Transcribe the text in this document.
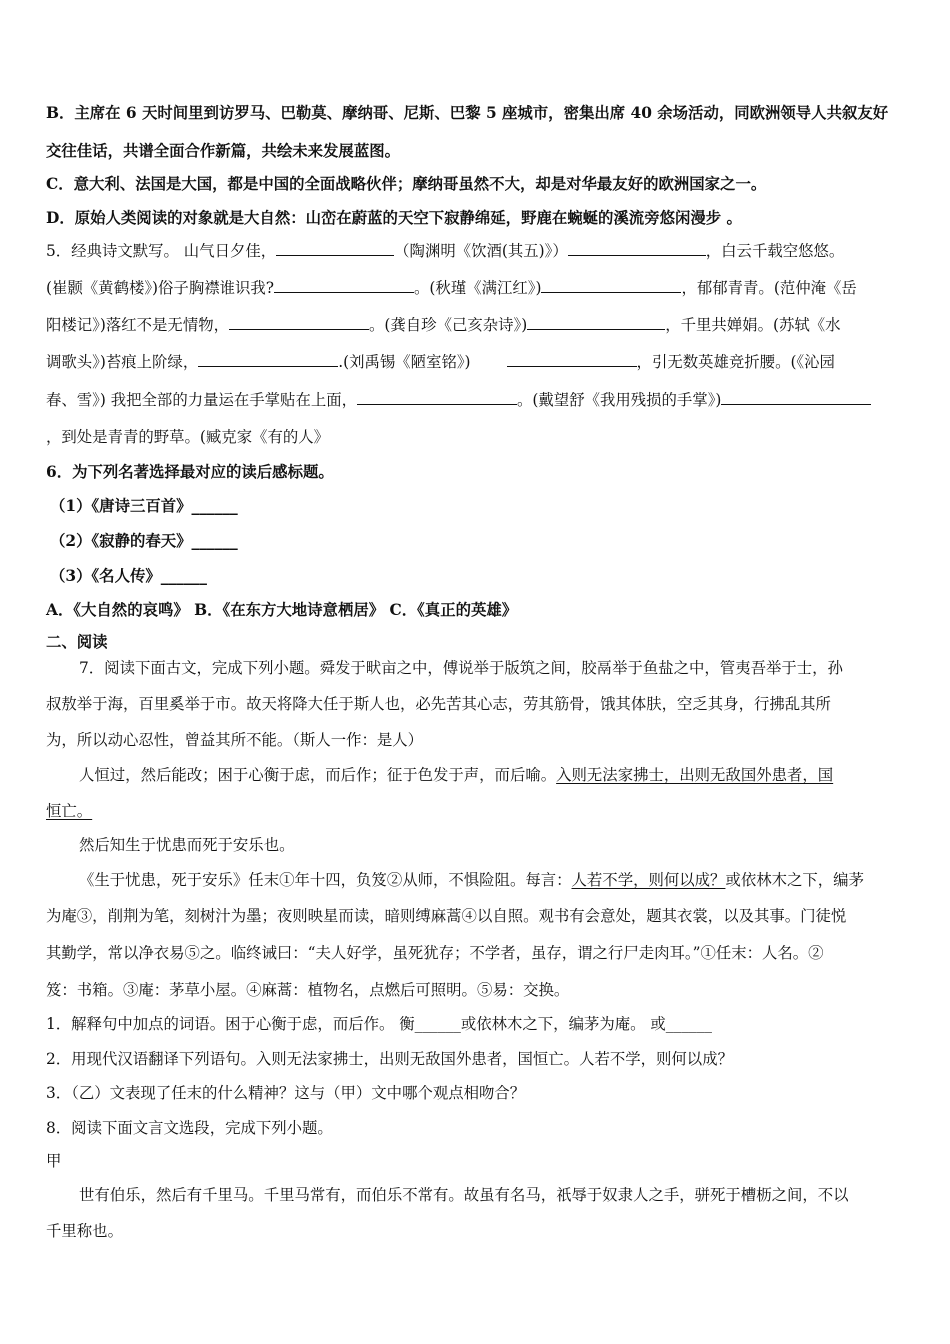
B．主席在 6 天时间里到访罗马、巴勒莫、摩纳哥、尼斯、巴黎 5 座城市，密集出席 40 余场活动，同欧洲领导人共叙友好
交往佳话，共谱全面合作新篇，共绘未来发展蓝图。
C．意大利、法国是大国，都是中国的全面战略伙伴；摩纳哥虽然不大，却是对华最友好的欧洲国家之一。
D．原始人类阅读的对象就是大自然：山峦在蔚蓝的天空下寂静绵延，野鹿在蜿蜒的溪流旁悠闲漫步 。
5．经典诗文默写。 山气日夕佳，	（陶渊明《饮酒(其五)》）	，白云千载空悠悠。
(崔颢《黄鹤楼》)俗子胸襟谁识我?	。(秋瑾《满江红》)	，郁郁青青。(范仲淹《岳
阳楼记》)落红不是无情物，	。(龚自珍《己亥杂诗》)	，千里共婵娟。(苏轼《水
调歌头》)苔痕上阶绿，	.(刘禹锡《陋室铭》)	，引无数英雄竞折腰。(《沁园
春、雪》) 我把全部的力量运在手掌贴在上面，	。(戴望舒《我用残损的手掌》)
，到处是青青的野草。(臧克家《有的人》
6．为下列名著选择最对应的读后感标题。
（1）《唐诗三百首》______
（2）《寂静的春天》______
（3）《名人传》______
A．《大自然的哀鸣》 B．《在东方大地诗意栖居》 C．《真正的英雄》
二、阅读
7．阅读下面古文，完成下列小题。舜发于畎亩之中，傅说举于版筑之间，胶鬲举于鱼盐之中，管夷吾举于士，孙
叔敖举于海，百里奚举于市。故天将降大任于斯人也，必先苦其心志，劳其筋骨，饿其体肤，空乏其身，行拂乱其所
为，所以动心忍性，曾益其所不能。（斯人一作：是人）
人恒过，然后能改；困于心衡于虑，而后作；征于色发于声，而后喻。入则无法家拂士，出则无敌国外患者，国
恒亡。
然后知生于忧患而死于安乐也。
《生于忧患，死于安乐》任末①年十四，负笈②从师，不惧险阻。每言：人若不学，则何以成？或依林木之下，编茅
为庵③，削荆为笔，刻树汁为墨；夜则映星而读，暗则缚麻蒿④以自照。观书有会意处，题其衣裳，以及其事。门徒悦
其勤学，常以净衣易⑤之。临终诫曰：“夫人好学，虽死犹存；不学者，虽存，谓之行尸走肉耳。”①任末：人名。②
笈：书箱。③庵：茅草小屋。④麻蒿：植物名，点燃后可照明。⑤易：交换。
1．解释句中加点的词语。困于心衡于虑，而后作。 衡______或依林木之下，编茅为庵。 或______
2．用现代汉语翻译下列语句。入则无法家拂士，出则无敌国外患者，国恒亡。人若不学，则何以成？
3．（乙）文表现了任末的什么精神？这与（甲）文中哪个观点相吻合？
8．阅读下面文言文选段，完成下列小题。
甲
世有伯乐，然后有千里马。千里马常有，而伯乐不常有。故虽有名马，祇辱于奴隶人之手，骈死于槽枥之间，不以
千里称也。
